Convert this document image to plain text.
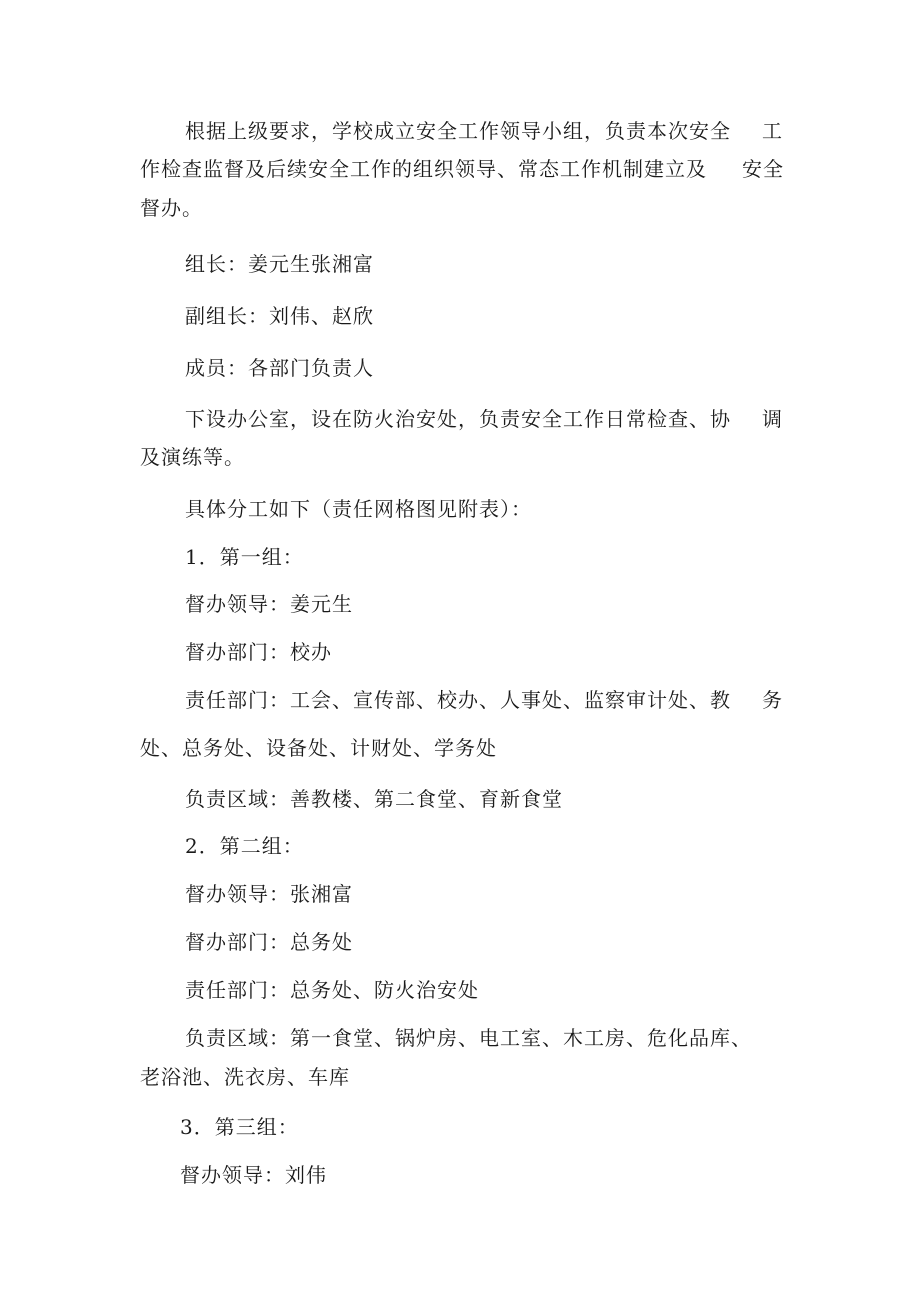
根据上级要求，学校成立安全工作领导小组，负责本次安全 工
作检查监督及后续安全工作的组织领导、常态工作机制建立及 安全
督办。
组长：姜元生张湘富
副组长：刘伟、赵欣
成员：各部门负责人
下设办公室，设在防火治安处，负责安全工作日常检查、协 调
及演练等。
具体分工如下（责任网格图见附表）：
1．第一组：
督办领导：姜元生
督办部门：校办
责任部门：工会、宣传部、校办、人事处、监察审计处、教 务
处、总务处、设备处、计财处、学务处
负责区域：善教楼、第二食堂、育新食堂
2．第二组：
督办领导：张湘富
督办部门：总务处
责任部门：总务处、防火治安处
负责区域：第一食堂、锅炉房、电工室、木工房、危化品库、
老浴池、洗衣房、车库
3．第三组：
督办领导：刘伟
